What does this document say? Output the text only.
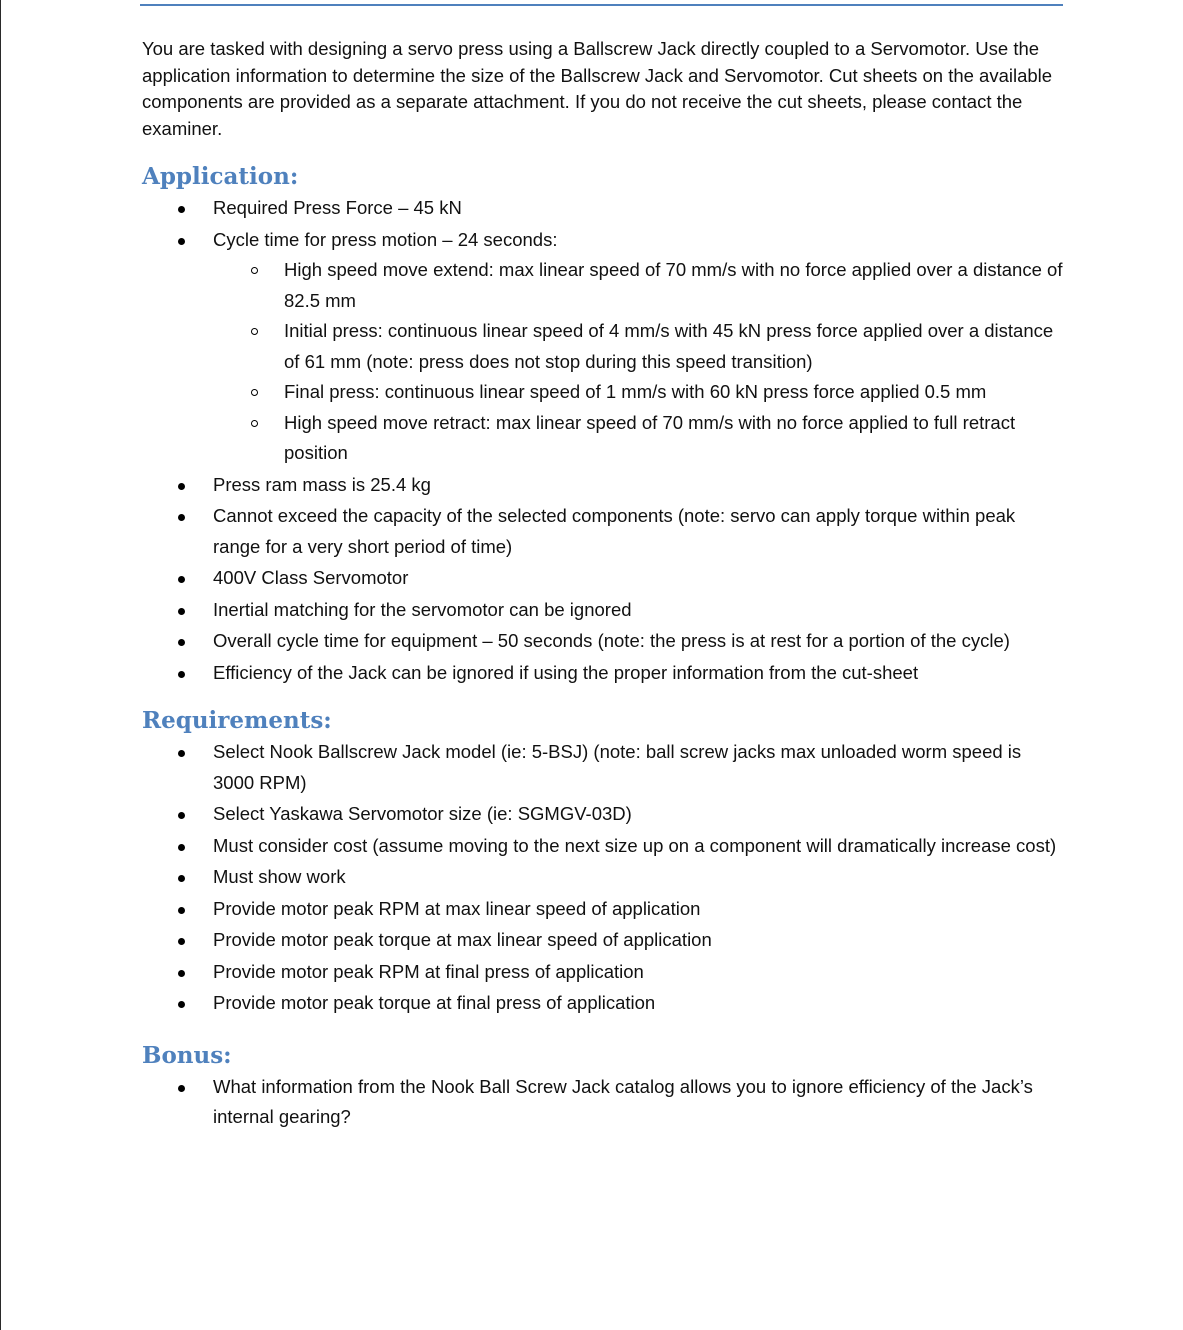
You are tasked with designing a servo press using a Ballscrew Jack directly coupled to a Servomotor. Use the application information to determine the size of the Ballscrew Jack and Servomotor. Cut sheets on the available components are provided as a separate attachment. If you do not receive the cut sheets, please contact the examiner.

Application:
Required Press Force – 45 kN
Cycle time for press motion – 24 seconds:
High speed move extend: max linear speed of 70 mm/s with no force applied over a distance of 82.5 mm
Initial press: continuous linear speed of 4 mm/s with 45 kN press force applied over a distance of 61 mm (note: press does not stop during this speed transition)
Final press: continuous linear speed of 1 mm/s with 60 kN press force applied 0.5 mm
High speed move retract: max linear speed of 70 mm/s with no force applied to full retract position
Press ram mass is 25.4 kg
Cannot exceed the capacity of the selected components (note: servo can apply torque within peak range for a very short period of time)
400V Class Servomotor
Inertial matching for the servomotor can be ignored
Overall cycle time for equipment – 50 seconds (note: the press is at rest for a portion of the cycle)
Efficiency of the Jack can be ignored if using the proper information from the cut-sheet
Requirements:
Select Nook Ballscrew Jack model (ie: 5-BSJ) (note: ball screw jacks max unloaded worm speed is 3000 RPM)
Select Yaskawa Servomotor size (ie: SGMGV-03D)
Must consider cost (assume moving to the next size up on a component will dramatically increase cost)
Must show work
Provide motor peak RPM at max linear speed of application
Provide motor peak torque at max linear speed of application
Provide motor peak RPM at final press of application
Provide motor peak torque at final press of application
Bonus:
What information from the Nook Ball Screw Jack catalog allows you to ignore efficiency of the Jack’s internal gearing?
